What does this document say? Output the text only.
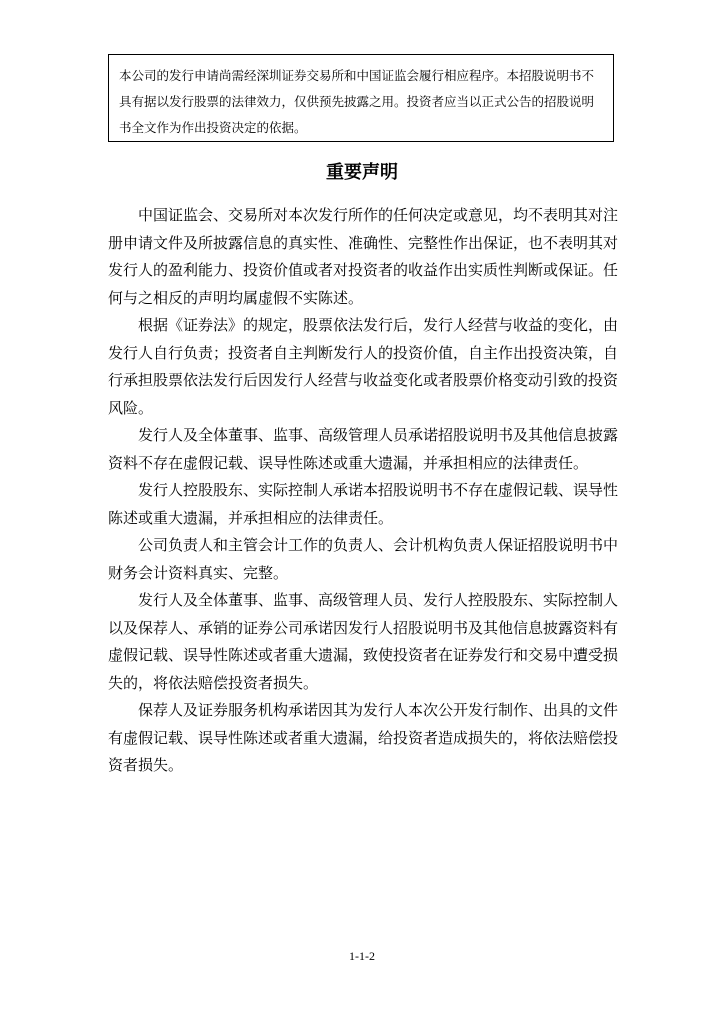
本公司的发行申请尚需经深圳证券交易所和中国证监会履行相应程序。本招股说明书不具有据以发行股票的法律效力，仅供预先披露之用。投资者应当以正式公告的招股说明书全文作为作出投资决定的依据。
重要声明

中国证监会、交易所对本次发行所作的任何决定或意见，均不表明其对注册申请文件及所披露信息的真实性、准确性、完整性作出保证，也不表明其对发行人的盈利能力、投资价值或者对投资者的收益作出实质性判断或保证。任何与之相反的声明均属虚假不实陈述。

根据《证券法》的规定，股票依法发行后，发行人经营与收益的变化，由发行人自行负责；投资者自主判断发行人的投资价值，自主作出投资决策，自行承担股票依法发行后因发行人经营与收益变化或者股票价格变动引致的投资风险。

发行人及全体董事、监事、高级管理人员承诺招股说明书及其他信息披露资料不存在虚假记载、误导性陈述或重大遗漏，并承担相应的法律责任。

发行人控股股东、实际控制人承诺本招股说明书不存在虚假记载、误导性陈述或重大遗漏，并承担相应的法律责任。

公司负责人和主管会计工作的负责人、会计机构负责人保证招股说明书中财务会计资料真实、完整。

发行人及全体董事、监事、高级管理人员、发行人控股股东、实际控制人以及保荐人、承销的证券公司承诺因发行人招股说明书及其他信息披露资料有虚假记载、误导性陈述或者重大遗漏，致使投资者在证券发行和交易中遭受损失的，将依法赔偿投资者损失。

保荐人及证券服务机构承诺因其为发行人本次公开发行制作、出具的文件有虚假记载、误导性陈述或者重大遗漏，给投资者造成损失的，将依法赔偿投资者损失。

1-1-2
